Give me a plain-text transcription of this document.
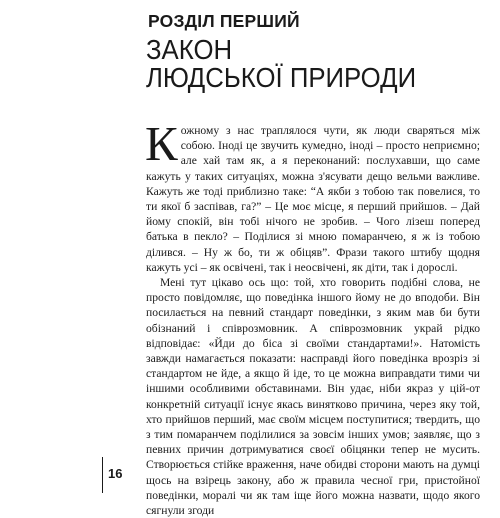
РОЗДІЛ ПЕРШИЙ
ЗАКОН
ЛЮДСЬКОЇ ПРИРОДИ

Кожному з нас траплялося чути, як люди сваряться між собою. Іноді це звучить кумедно, іноді – просто неприємно; але хай там як, а я переконаний: послухавши, що саме кажуть у таких ситуаціях, можна з'ясувати дещо вельми важливе. Кажуть же тоді приблизно таке: “А якби з тобою так повелися, то ти якої б заспівав, га?” – Це моє місце, я перший прийшов. – Дай йому спокій, він тобі нічого не зробив. – Чого лізеш поперед батька в пекло? – Поділися зі мною помаранчею, я ж із тобою ділився. – Ну ж бо, ти ж обіцяв”. Фрази такого штибу щодня кажуть усі – як освічені, так і неосвічені, як діти, так і дорослі.

Мені тут цікаво ось що: той, хто говорить подібні слова, не просто повідомляє, що поведінка іншого йому не до вподоби. Він посилається на певний стандарт поведінки, з яким мав би бути обізнаний і співрозмовник. А співрозмовник украй рідко відповідає: «Йди до біса зі своїми стандартами!». Натомість завжди намагається показати: насправді його поведінка врозріз зі стандартом не йде, а якщо й іде, то це можна виправдати тими чи іншими особливими обставинами. Він удає, ніби якраз у цій-от конкретній ситуації існує якась винятково причина, через яку той, хто прийшов перший, має своїм місцем поступитися; твердить, що з тим помаранчем поділилися за зовсім інших умов; заявляє, що з певних причин дотримуватися своєї обіцянки тепер не мусить. Створюється стійке враження, наче обидві сторони мають на думці щось на взірець закону, або ж правила чесної гри, пристойної поведінки, моралі чи як там іще його можна назвати, щодо якого сягнули згоди

16
